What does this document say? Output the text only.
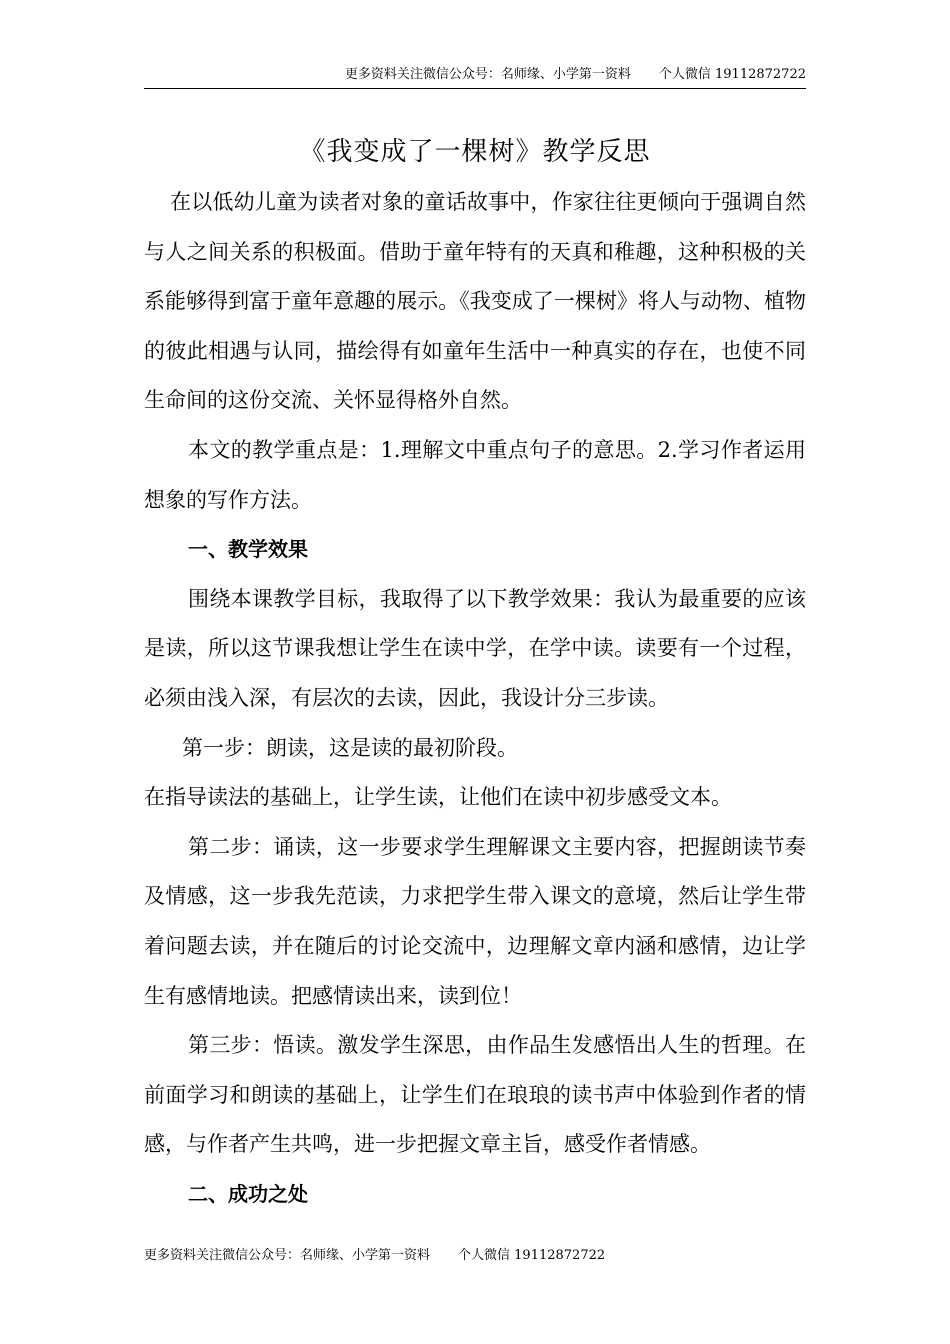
更多资料关注微信公众号：名师缘、小学第一资料 个人微信 19112872722
《我变成了一棵树》教学反思

在以低幼儿童为读者对象的童话故事中，作家往往更倾向于强调自然与人之间关系的积极面。借助于童年特有的天真和稚趣，这种积极的关系能够得到富于童年意趣的展示。《我变成了一棵树》将人与动物、植物的彼此相遇与认同，描绘得有如童年生活中一种真实的存在，也使不同生命间的这份交流、关怀显得格外自然。

本文的教学重点是：1.理解文中重点句子的意思。2.学习作者运用想象的写作方法。

一、教学效果

围绕本课教学目标，我取得了以下教学效果：我认为最重要的应该是读，所以这节课我想让学生在读中学，在学中读。读要有一个过程，必须由浅入深，有层次的去读，因此，我设计分三步读。

第一步：朗读，这是读的最初阶段。

在指导读法的基础上，让学生读，让他们在读中初步感受文本。

第二步：诵读，这一步要求学生理解课文主要内容，把握朗读节奏及情感，这一步我先范读，力求把学生带入课文的意境，然后让学生带着问题去读，并在随后的讨论交流中，边理解文章内涵和感情，边让学生有感情地读。把感情读出来，读到位！

第三步：悟读。激发学生深思，由作品生发感悟出人生的哲理。在前面学习和朗读的基础上，让学生们在琅琅的读书声中体验到作者的情感，与作者产生共鸣，进一步把握文章主旨，感受作者情感。

二、成功之处

更多资料关注微信公众号：名师缘、小学第一资料 个人微信 19112872722
